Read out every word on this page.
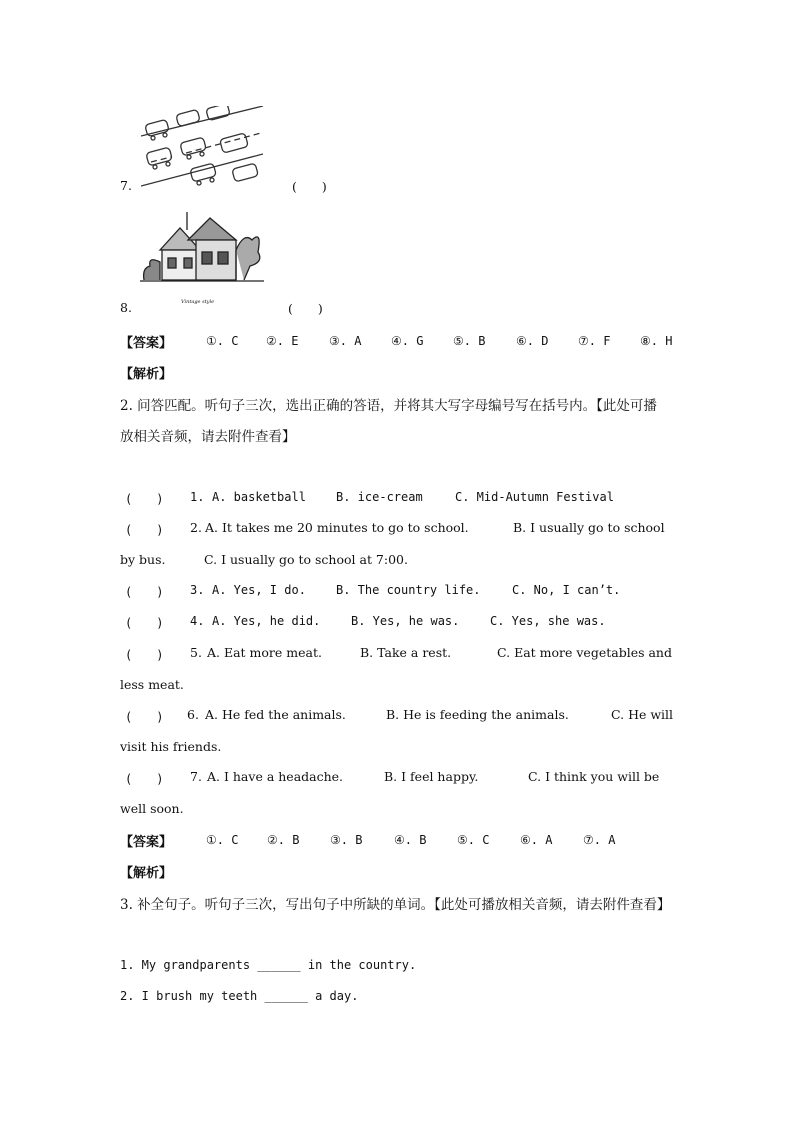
7.	(　　)
Vintage style
8.	(　　)
【答案】	①. C ②. E	③. A ④. G ⑤. B	⑥. D ⑦. F ⑧. H
【解析】
2. 问答匹配。听句子三次，选出正确的答语，并将其大写字母编号写在括号内。【此处可播
放相关音频，请去附件查看】
(　　) 1. A. basketball	B. ice-cream	C. Mid-Autumn Festival
(　　) 2. A. It takes me 20 minutes to go to school.	B. I usually go to school
by bus.	C. I usually go to school at 7:00.
(　　) 3. A. Yes, I do.	B. The country life.	C. No, I can’t.
(　　) 4. A. Yes, he did.	B. Yes, he was.	C. Yes, she was.
(　　) 5. A. Eat more meat.	B. Take a rest.	C. Eat more vegetables and
less meat.
(　　) 6. A. He fed the animals.	B. He is feeding the animals.	C. He will
visit his friends.
(　　) 7. A. I have a headache.	B. I feel happy.	C. I think you will be
well soon.
【答案】	①. C ②. B	③. B	④. B	⑤. C	⑥. A	⑦. A
【解析】
3. 补全句子。听句子三次，写出句子中所缺的单词。【此处可播放相关音频，请去附件查看】
1. My grandparents ______ in the country.
2. I brush my teeth ______ a day.
